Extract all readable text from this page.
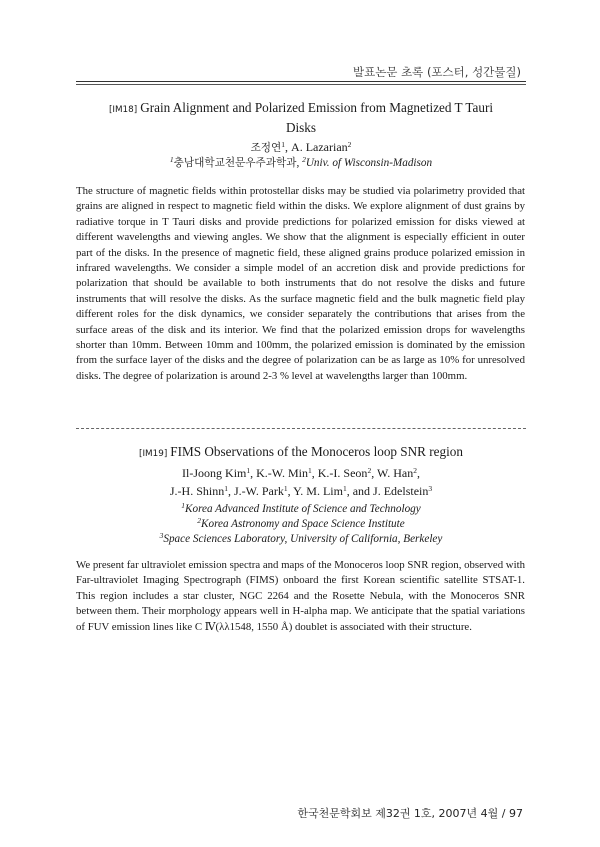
발표논문 초록 (포스터, 성간물질)
[IM18] Grain Alignment and Polarized Emission from Magnetized T Tauri
Disks
조정연$^1$, A. Lazarian$^2$
$^1$충남대학교천문우주과학과, $^2$Univ. of Wisconsin-Madison

The structure of magnetic fields within protostellar disks may be studied via polarimetry provided that grains are aligned in respect to magnetic field within the disks. We explore alignment of dust grains by radiative torque in T Tauri disks and provide predictions for polarized emission for disks viewed at different wavelengths and viewing angles. We show that the alignment is especially efficient in outer part of the disks. In the presence of magnetic field, these aligned grains produce polarized emission in infrared wavelengths. We consider a simple model of an accretion disk and provide predictions for polarization that should be available to both instruments that do not resolve the disks and future instruments that will resolve the disks. As the surface magnetic field and the bulk magnetic field play different roles for the disk dynamics, we consider separately the contributions that arises from the surface areas of the disk and its interior. We find that the polarized emission drops for wavelengths shorter than 10mm. Between 10mm and 100mm, the polarized emission is dominated by the emission from the surface layer of the disks and the degree of polarization can be as large as 10% for unresolved disks. The degree of polarization is around 2-3 % level at wavelengths larger than 100mm.

[IM19] FIMS Observations of the Monoceros loop SNR region
Il-Joong Kim$^1$, K.-W. Min$^1$, K.-I. Seon$^2$, W. Han$^2$,
J.-H. Shinn$^1$, J.-W. Park$^1$, Y. M. Lim$^1$, and J. Edelstein$^3$
$^1$Korea Advanced Institute of Science and Technology
$^2$Korea Astronomy and Space Science Institute
$^3$Space Sciences Laboratory, University of California, Berkeley

We present far ultraviolet emission spectra and maps of the Monoceros loop SNR region, observed with Far-ultraviolet Imaging Spectrograph (FIMS) onboard the first Korean scientific satellite STSAT-1. This region includes a star cluster, NGC 2264 and the Rosette Nebula, with the Monoceros SNR between them. Their morphology appears well in H-alpha map. We anticipate that the spatial variations of FUV emission lines like C Ⅳ(λλ1548, 1550 Å) doublet is associated with their structure.

한국천문학회보 제32권 1호, 2007년 4월 / 97
